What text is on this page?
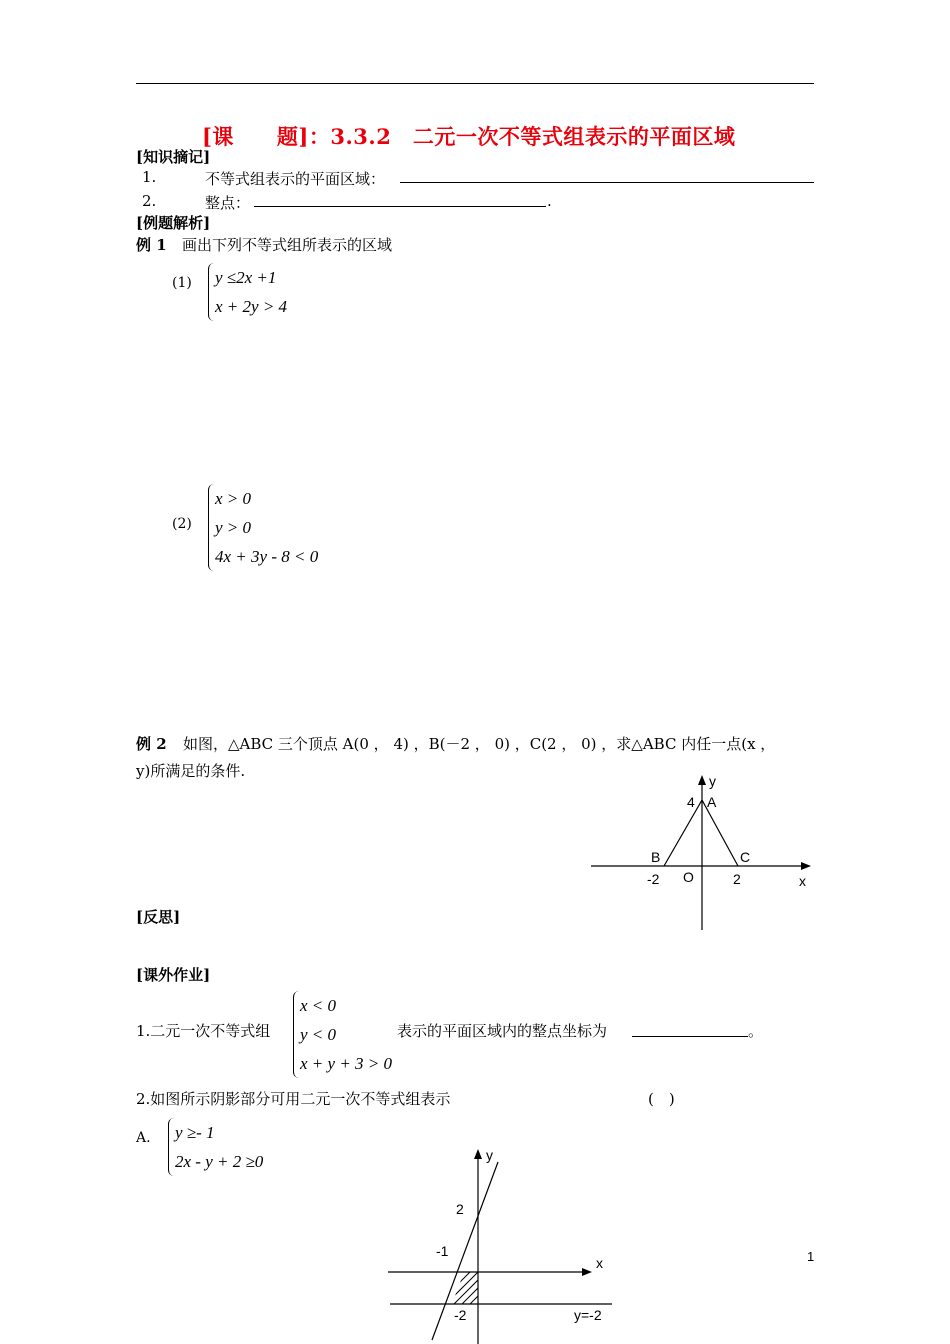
[课　　题]：3.3.2　二元一次不等式组表示的平面区域
[知识摘记]
1.	不等式组表示的平面区域：
2.	整点：	.
[例题解析]
例 1 画出下列不等式组所表示的区域
(1) y ≤2x +1
x + 2y > 4
(2)
x > 0
y > 0
4x + 3y - 8 < 0
例 2 如图，△ABC 三个顶点 A(0 ， 4) ，B(－2 ， 0) ，C(2 ， 0) ，求△ABC 内任一点(x ，
y)所满足的条件.
y
x
4 A
B	C
-2 O	2
[反思]
[课外作业]
1.二元一次不等式组
x < 0
y < 0
x + y + 3 > 0
表示的平面区域内的整点坐标为	。
2.如图所示阴影部分可用二元一次不等式组表示	(　)
A. y ≥- 1
2x - y + 2 ≥0	y
x
2
-1
-2	y=-2
1
